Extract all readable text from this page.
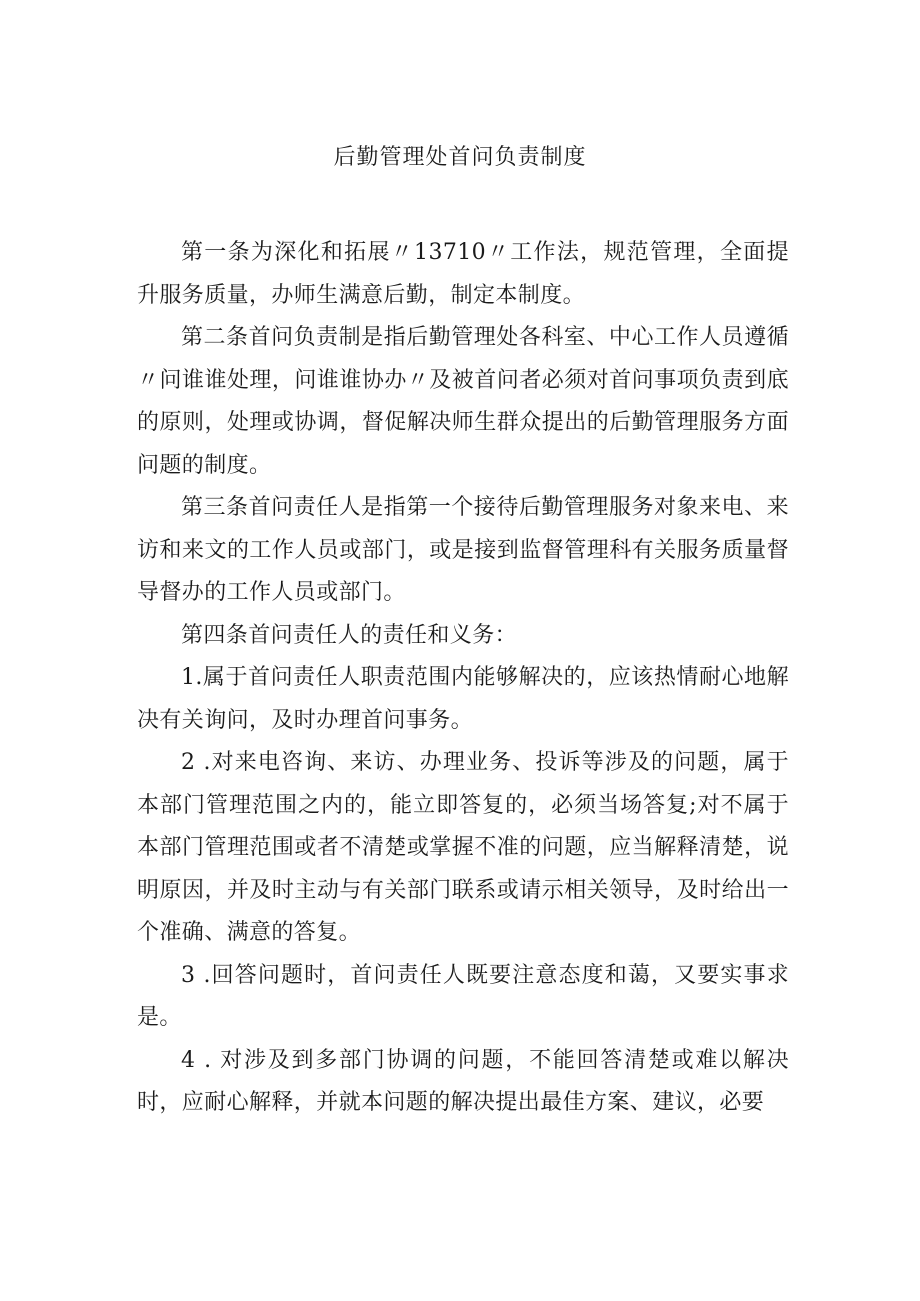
后勤管理处首问负责制度

第一条为深化和拓展〃13710〃工作法，规范管理，全面提升服务质量，办师生满意后勤，制定本制度。

第二条首问负责制是指后勤管理处各科室、中心工作人员遵循〃问谁谁处理，问谁谁协办〃及被首问者必须对首问事项负责到底的原则，处理或协调，督促解决师生群众提出的后勤管理服务方面问题的制度。

第三条首问责任人是指第一个接待后勤管理服务对象来电、来访和来文的工作人员或部门，或是接到监督管理科有关服务质量督导督办的工作人员或部门。

第四条首问责任人的责任和义务：

1.属于首问责任人职责范围内能够解决的，应该热情耐心地解决有关询问，及时办理首问事务。

2 .对来电咨询、来访、办理业务、投诉等涉及的问题，属于本部门管理范围之内的，能立即答复的，必须当场答复;对不属于本部门管理范围或者不清楚或掌握不准的问题，应当解释清楚，说明原因，并及时主动与有关部门联系或请示相关领导，及时给出一个准确、满意的答复。

3 .回答问题时，首问责任人既要注意态度和蔼，又要实事求是。

4 . 对涉及到多部门协调的问题，不能回答清楚或难以解决时，应耐心解释，并就本问题的解决提出最佳方案、建议，必要
